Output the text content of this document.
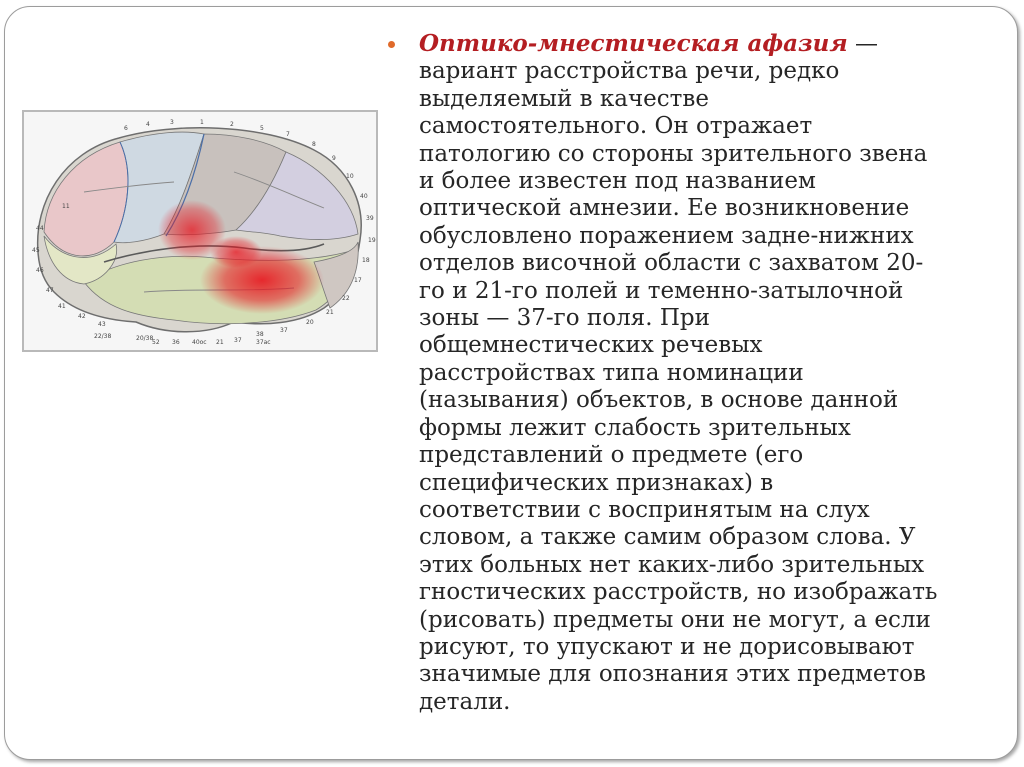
6
4	3	1	2
5
7
8
9
10
40
39
19
18
17
22
21
20
37
38
44
45
46
47
41
42
43
22/38	20/38
37ac
40oc 21 37
36
52
11
Оптико-мнестическая афазия —
вариант расстройства речи, редко
выделяемый в качестве
самостоятельного. Он отражает
патологию со стороны зрительного звена
и более известен под названием
оптической амнезии. Ее возникновение
обусловлено поражением задне-нижних
отделов височной области с захватом 20-
го и 21-го полей и теменно-затылочной
зоны — 37-го поля. При
общемнестических речевых
расстройствах типа номинации
(называния) объектов, в основе данной
формы лежит слабость зрительных
представлений о предмете (его
специфических признаках) в
соответствии с воспринятым на слух
словом, а также самим образом слова. У
этих больных нет каких-либо зрительных
гностических расстройств, но изображать
(рисовать) предметы они не могут, а если
рисуют, то упускают и не дорисовывают
значимые для опознания этих предметов
детали.
